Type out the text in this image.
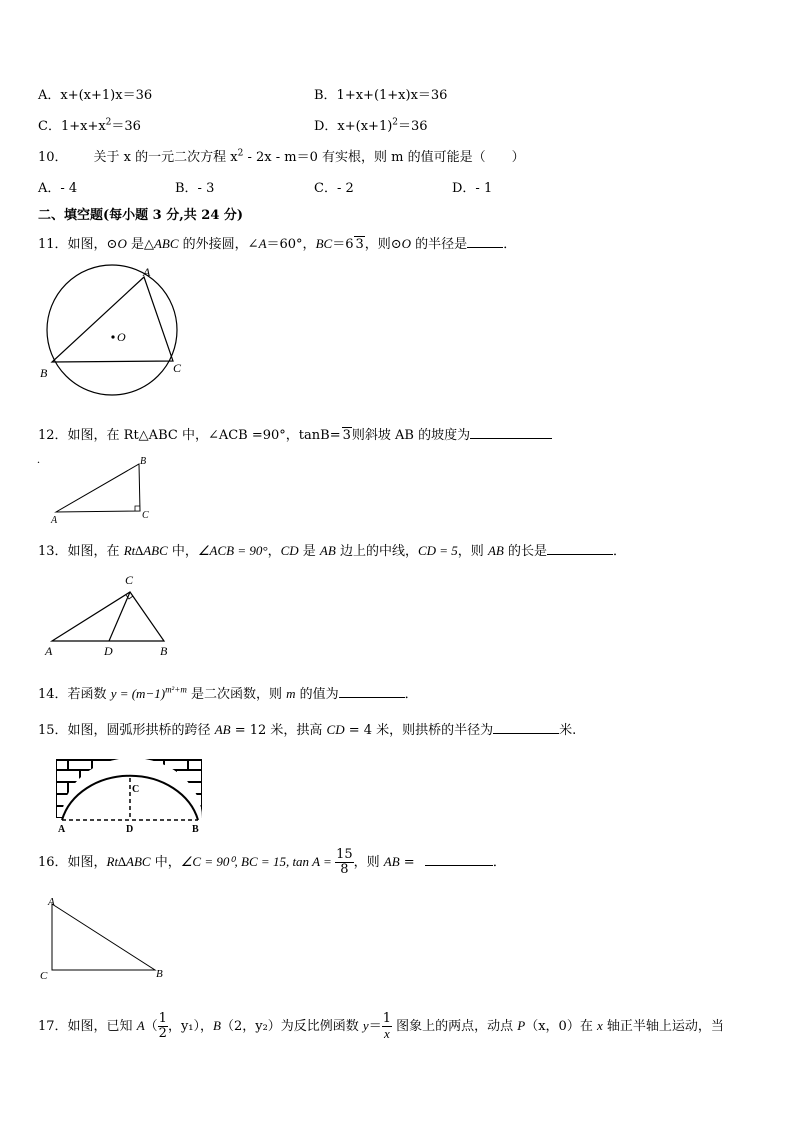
A．x+(x+1)x＝36	B．1+x+(1+x)x＝36
C．$1+x+x^2=36$	D．$x+(x+1)^2=36$
10． 关于 x 的一元二次方程 $x^2 - 2x - m=0$ 有实根，则 m 的值可能是（　　）
A．- 4	B．- 3	C．- 2	D．- 1
二、填空题(每小题 3 分,共 24 分)
11．如图，⊙O 是△ABC 的外接圆，∠A＝60°，BC＝6 3，则⊙O 的半径是	．
A
B	C
O
12．如图，在 Rt△ABC 中，∠ACB =90°，tanB= 3则斜坡 AB 的坡度为
.	B
A	C
13．如图，在 Rt∆ABC 中，∠ACB = 90°，CD 是 AB 边上的中线，CD = 5，则 AB 的长是	．
C
A	D	B
14．若函数 $y = (m-1)^{m^2+m}$ 是二次函数，则 m 的值为	．
15．如图，圆弧形拱桥的跨径 AB = 12 米，拱高 CD = 4 米，则拱桥的半径为	米.
C
A	D	B
16．如图，Rt∆ABC 中，∠C = 90⁰, BC = 15, $\tan A = \frac{15}{8}$ ，则 AB =	．
A
C	B
17．如图，已知 $A( \frac{1}{2}$ ，y₁），B（2，y₂）为反比例函数 $y= \frac{1}{x}$ 图象上的两点，动点 P（x，0）在 x 轴正半轴上运动，当
